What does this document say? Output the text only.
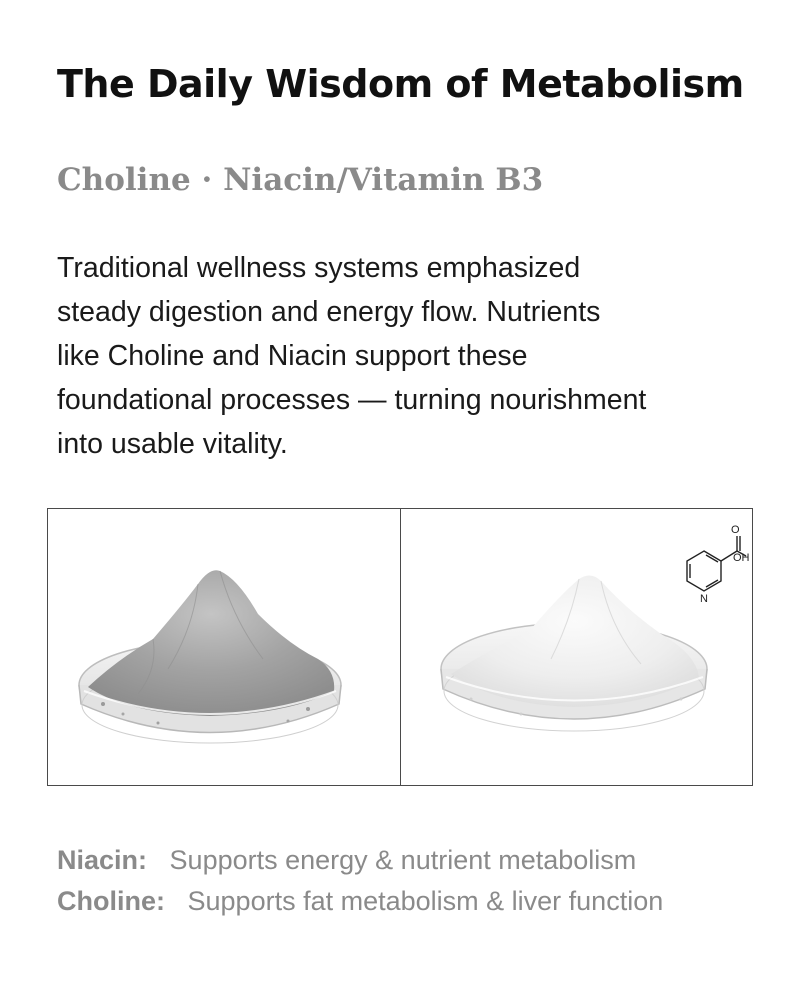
The Daily Wisdom of Metabolism
Choline · Niacin/Vitamin B3

Traditional wellness systems emphasized
steady digestion and energy flow. Nutrients
like Choline and Niacin support these
foundational processes — turning nourishment
into usable vitality.

O
OH
N
Niacin: Supports energy & nutrient metabolism
Choline: Supports fat metabolism & liver function
